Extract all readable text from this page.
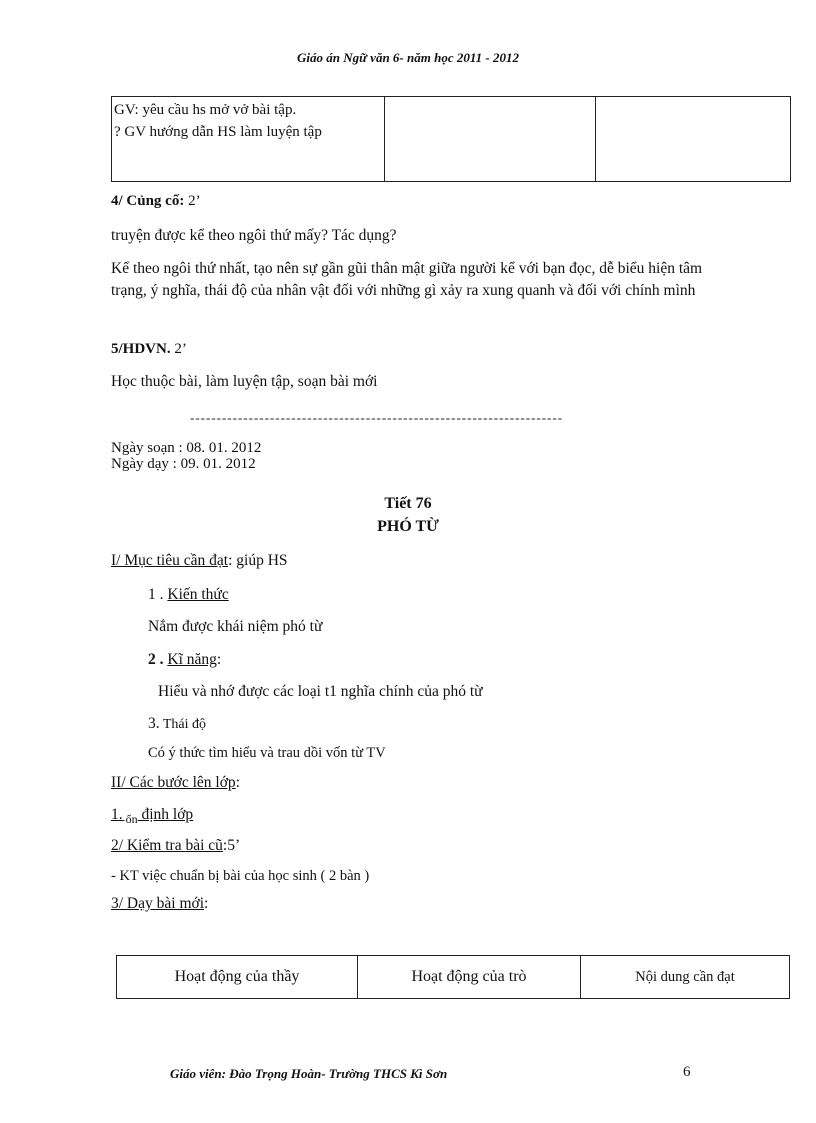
Giáo án Ngữ văn 6- năm học 2011 - 2012
GV: yêu cầu hs mở vở bài tập.
? GV hướng dẫn HS làm luyện tập

4/ Củng cố: 2’
truyện được kể theo ngôi thứ mấy? Tác dụng?
Kể theo ngôi thứ nhất, tạo nên sự gần gũi thân mật giữa người kể với bạn đọc, dễ biểu hiện tâm trạng, ý nghĩa, thái độ của nhân vật đối với những gì xảy ra xung quanh và đối với chính mình
5/HDVN. 2’
Học thuộc bài, làm luyện tập, soạn bài mới
----------------------------------------------------------------------
Ngày soạn : 08. 01. 2012
Ngày dạy : 09. 01. 2012
Tiết 76
PHÓ TỪ
I/ Mục tiêu cần đạt: giúp HS
1 . Kiến thức
Nắm được khái niệm phó từ
2 . Kĩ năng:
Hiểu và nhớ được các loại t1 nghĩa chính của phó từ
3. Thái độ
Có ý thức tìm hiểu và trau dồi vốn từ TV
II/ Các bước lên lớp:
1. $_{ổn}$ định lớp
2/ Kiểm tra bài cũ:5’
- KT việc chuẩn bị bài của học sinh ( 2 bàn )
3/ Dạy bài mới:
Hoạt động của thầy	Hoạt động của trò	Nội dung cần đạt
Giáo viên: Đào Trọng Hoàn- Trường THCS Kì Sơn	6
